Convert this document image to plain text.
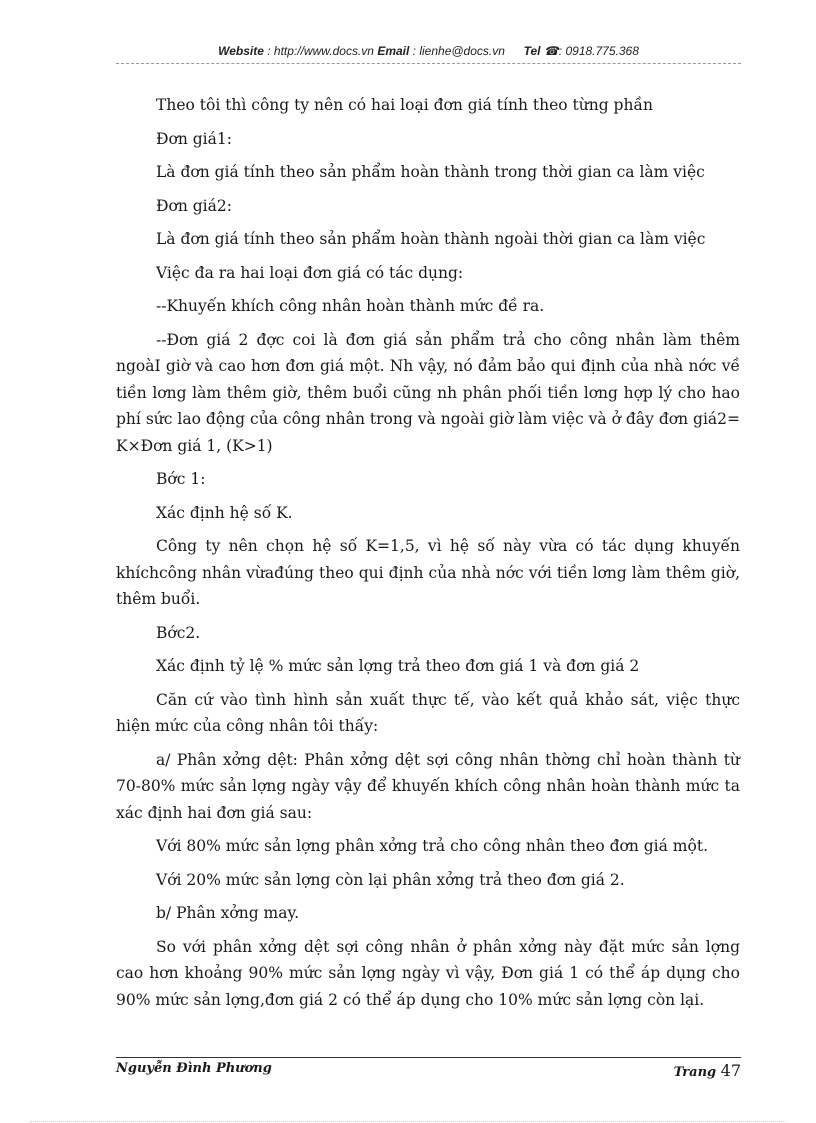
Website : http://www.docs.vn Email : lienhe@docs.vn Tel ☎: 0918.775.368

Theo tôi thì công ty nên có hai loại đơn giá tính theo từng phần

Đơn giá1:

Là đơn giá tính theo sản phẩm hoàn thành trong thời gian ca làm việc

Đơn giá2:

Là đơn giá tính theo sản phẩm hoàn thành ngoài thời gian ca làm việc

Việc đa ra hai loại đơn giá có tác dụng:

--Khuyến khích công nhân hoàn thành mức đề ra.

--Đơn giá 2 đợc coi là đơn giá sản phẩm trả cho công nhân làm thêm ngoàI giờ và cao hơn đơn giá một. Nh vậy, nó đảm bảo qui định của nhà nớc về tiền lơng làm thêm giờ, thêm buổi cũng nh phân phối tiền lơng hợp lý cho hao phí sức lao động của công nhân trong và ngoài giờ làm việc và ở đây đơn giá2= K×Đơn giá 1, (K>1)

Bớc 1:

Xác định hệ số K.

Công ty nên chọn hệ số K=1,5, vì hệ số này vừa có tác dụng khuyến khíchcông nhân vừađúng theo qui định của nhà nớc với tiền lơng làm thêm giờ, thêm buổi.

Bớc2.

Xác định tỷ lệ % mức sản lợng trả theo đơn giá 1 và đơn giá 2

Căn cứ vào tình hình sản xuất thực tế, vào kết quả khảo sát, việc thực hiện mức của công nhân tôi thấy:

a/ Phân xởng dệt: Phân xởng dệt sợi công nhân thờng chỉ hoàn thành từ 70-80% mức sản lợng ngày vậy để khuyến khích công nhân hoàn thành mức ta xác định hai đơn giá sau:

Với 80% mức sản lợng phân xởng trả cho công nhân theo đơn giá một.

Với 20% mức sản lợng còn lại phân xởng trả theo đơn giá 2.

b/ Phân xởng may.

So với phân xởng dệt sợi công nhân ở phân xởng này đặt mức sản lợng cao hơn khoảng 90% mức sản lợng ngày vì vậy, Đơn giá 1 có thể áp dụng cho 90% mức sản lợng,đơn giá 2 có thể áp dụng cho 10% mức sản lợng còn lại.

Nguyễn Đình Phương	Trang 47
